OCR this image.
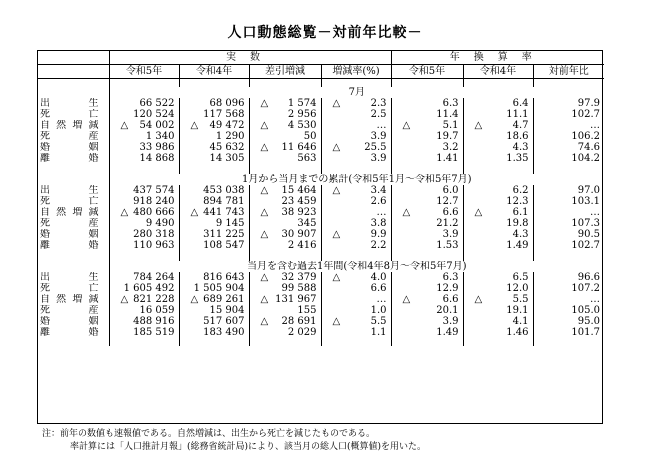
人口動態総覧－対前年比較－
	実数				年換算率		
	令和5年	令和4年	差引増減	増減率(%)	令和5年	令和4年	対前年比

	7月						
出生	66 522	68 096	△ 1 574	△ 2.3	6.3	6.4	97.9
死亡	120 524	117 568	2 956	2.5	11.4	11.1	102.7
自然増減	△ 54 002	△ 49 472	△ 4 530	…	△ 5.1	△ 4.7	…
死産	1 340	1 290	50	3.9	19.7	18.6	106.2
婚姻	33 986	45 632	△ 11 646	△ 25.5	3.2	4.3	74.6
離婚	14 868	14 305	563	3.9	1.41	1.35	104.2

	1月から当月までの累計(令和5年1月～令和5年7月)						
出生	437 574	453 038	△ 15 464	△ 3.4	6.0	6.2	97.0
死亡	918 240	894 781	23 459	2.6	12.7	12.3	103.1
自然増減	△ 480 666	△ 441 743	△ 38 923	…	△ 6.6	△ 6.1	…
死産	9 490	9 145	345	3.8	21.2	19.8	107.3
婚姻	280 318	311 225	△ 30 907	△ 9.9	3.9	4.3	90.5
離婚	110 963	108 547	2 416	2.2	1.53	1.49	102.7

	当月を含む過去1年間(令和4年8月～令和5年7月)						
出生	784 264	816 643	△ 32 379	△ 4.0	6.3	6.5	96.6
死亡	1 605 492	1 505 904	99 588	6.6	12.9	12.0	107.2
自然増減	△ 821 228	△ 689 261	△ 131 967	…	△ 6.6	△ 5.5	…
死産	16 059	15 904	155	1.0	20.1	19.1	105.0
婚姻	488 916	517 607	△ 28 691	△ 5.5	3.9	4.1	95.0
離婚	185 519	183 490	2 029	1.1	1.49	1.46	101.7

注：前年の数値も速報値である。自然増減は、出生から死亡を減じたものである。
率計算には「人口推計月報」(総務省統計局)により、該当月の総人口(概算値)を用いた。
